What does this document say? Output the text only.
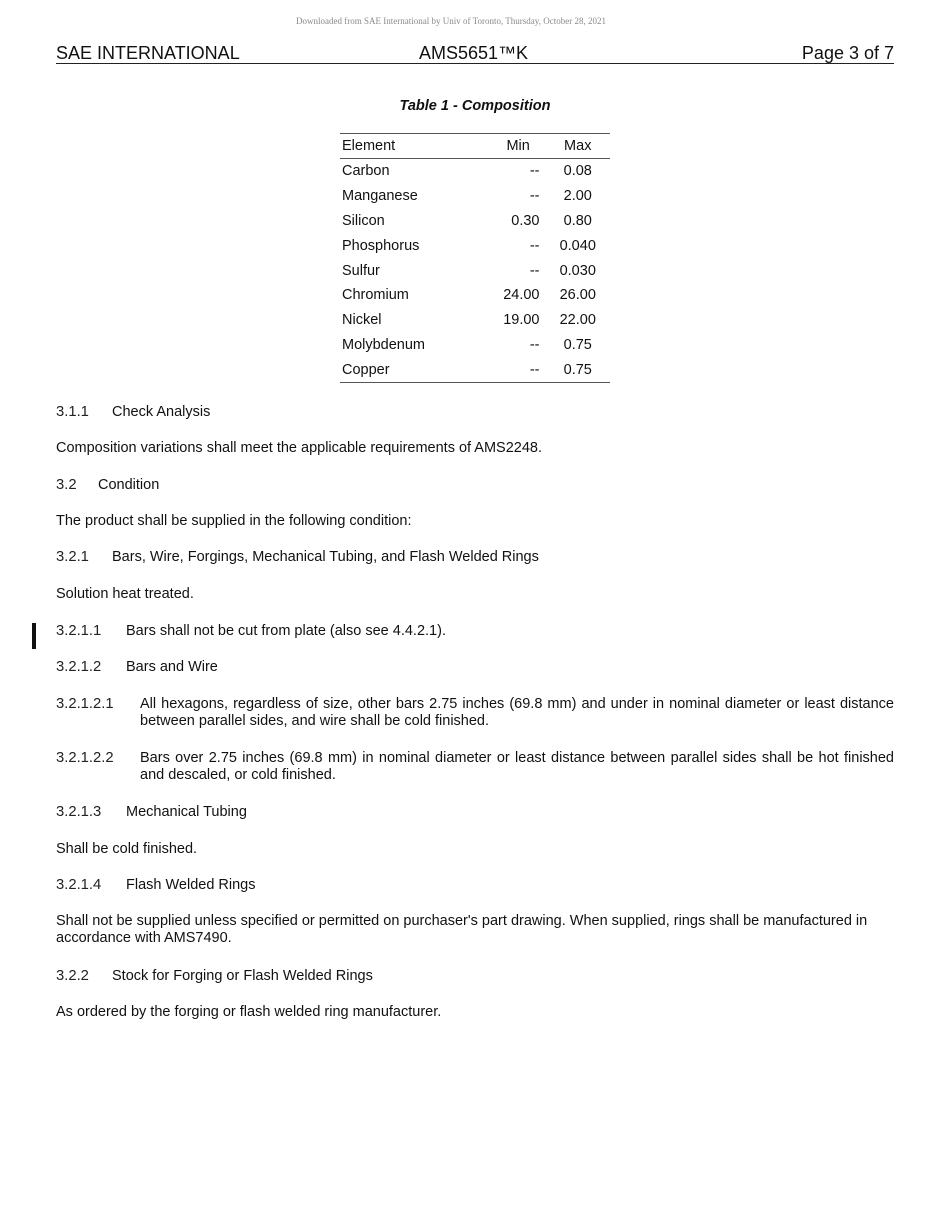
Downloaded from SAE International by Univ of Toronto, Thursday, October 28, 2021
SAE INTERNATIONAL	AMS5651™K	Page 3 of 7
Table 1 - Composition
Element	Min	Max
Carbon	--	0.08
Manganese	--	2.00
Silicon	0.30	0.80
Phosphorus	--	0.040
Sulfur	--	0.030
Chromium	24.00	26.00
Nickel	19.00	22.00
Molybdenum	--	0.75
Copper	--	0.75
3.1.1 Check Analysis
Composition variations shall meet the applicable requirements of AMS2248.
3.2 Condition
The product shall be supplied in the following condition:
3.2.1 Bars, Wire, Forgings, Mechanical Tubing, and Flash Welded Rings
Solution heat treated.
3.2.1.1 Bars shall not be cut from plate (also see 4.4.2.1).
3.2.1.2 Bars and Wire
3.2.1.2.1	All hexagons, regardless of size, other bars 2.75 inches (69.8 mm) and under in nominal diameter or least distance between parallel sides, and wire shall be cold finished.
3.2.1.2.2	Bars over 2.75 inches (69.8 mm) in nominal diameter or least distance between parallel sides shall be hot finished and descaled, or cold finished.
3.2.1.3 Mechanical Tubing
Shall be cold finished.
3.2.1.4 Flash Welded Rings
Shall not be supplied unless specified or permitted on purchaser's part drawing. When supplied, rings shall be manufactured in accordance with AMS7490.
3.2.2 Stock for Forging or Flash Welded Rings
As ordered by the forging or flash welded ring manufacturer.
